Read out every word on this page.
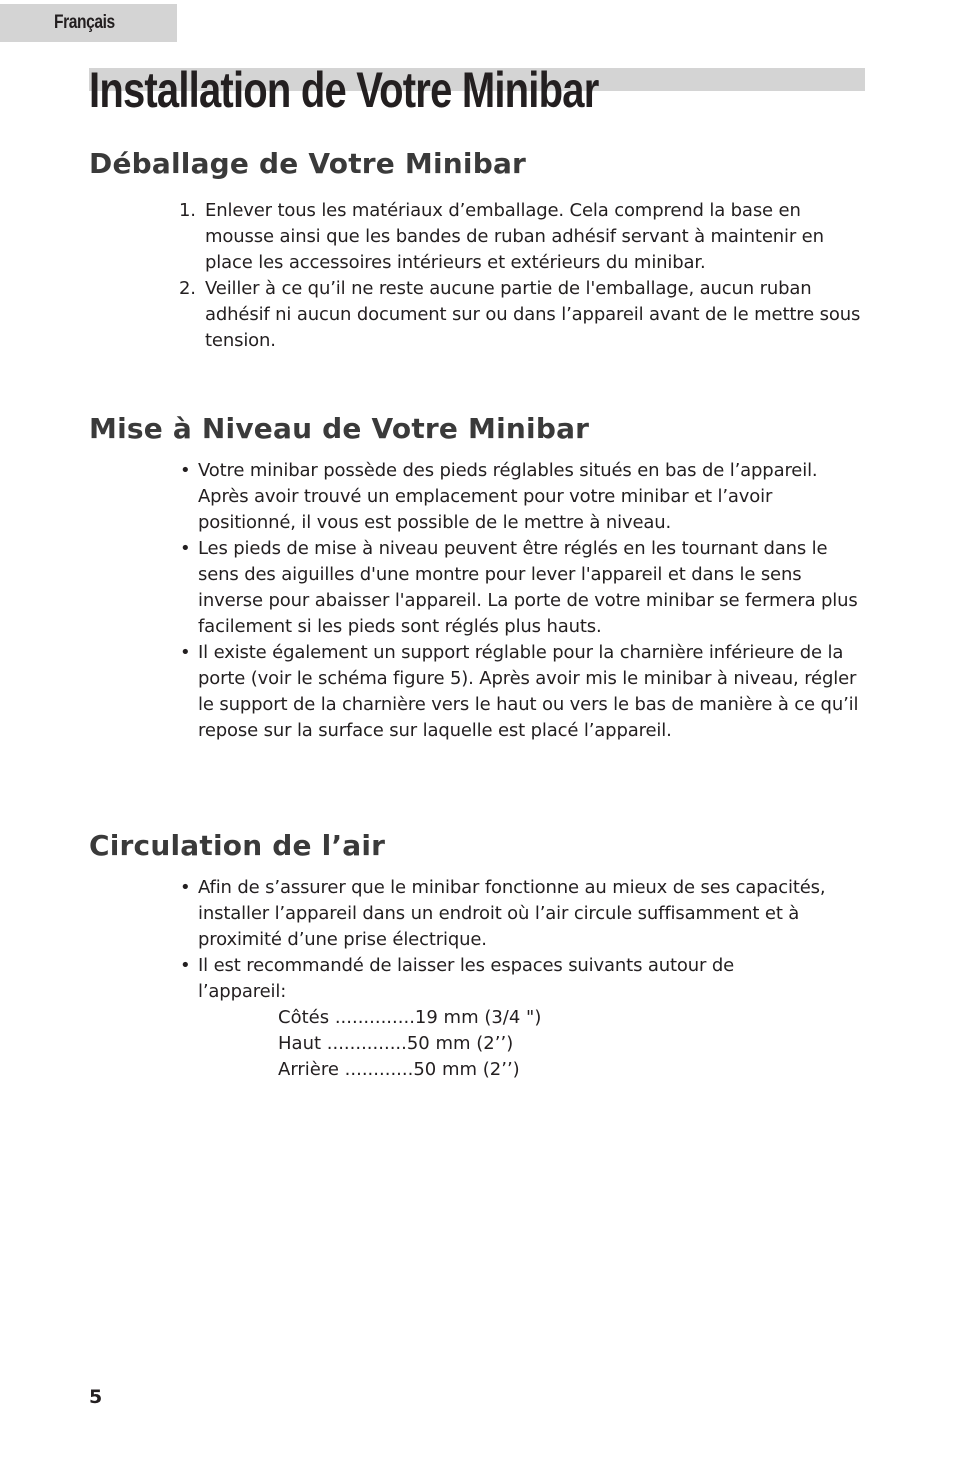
Français
Installation de Votre Minibar
Déballage de Votre Minibar
1. Enlever tous les matériaux d’emballage. Cela comprend la base en mousse ainsi que les bandes de ruban adhésif servant à maintenir en place les accessoires intérieurs et extérieurs du minibar.
2. Veiller à ce qu’il ne reste aucune partie de l'emballage, aucun ruban adhésif ni aucun document sur ou dans l’appareil avant de le mettre sous tension.
Mise à Niveau de Votre Minibar
• Votre minibar possède des pieds réglables situés en bas de l’appareil. Après avoir trouvé un emplacement pour votre minibar et l’avoir positionné, il vous est possible de le mettre à niveau.
• Les pieds de mise à niveau peuvent être réglés en les tournant dans le sens des aiguilles d'une montre pour lever l'appareil et dans le sens inverse pour abaisser l'appareil. La porte de votre minibar se fermera plus facilement si les pieds sont réglés plus hauts.
• Il existe également un support réglable pour la charnière inférieure de la porte (voir le schéma figure 5). Après avoir mis le minibar à niveau, régler le support de la charnière vers le haut ou vers le bas de manière à ce qu’il repose sur la surface sur laquelle est placé l’appareil.
Circulation de l’air
• Afin de s’assurer que le minibar fonctionne au mieux de ses capacités, installer l’appareil dans un endroit où l’air circule suffisamment et à proximité d’une prise électrique.
• Il est recommandé de laisser les espaces suivants autour de l’appareil:
Côtés ..............19 mm (3/4 ")
Haut ..............50 mm (2’’)
Arrière ............50 mm (2’’)
5
